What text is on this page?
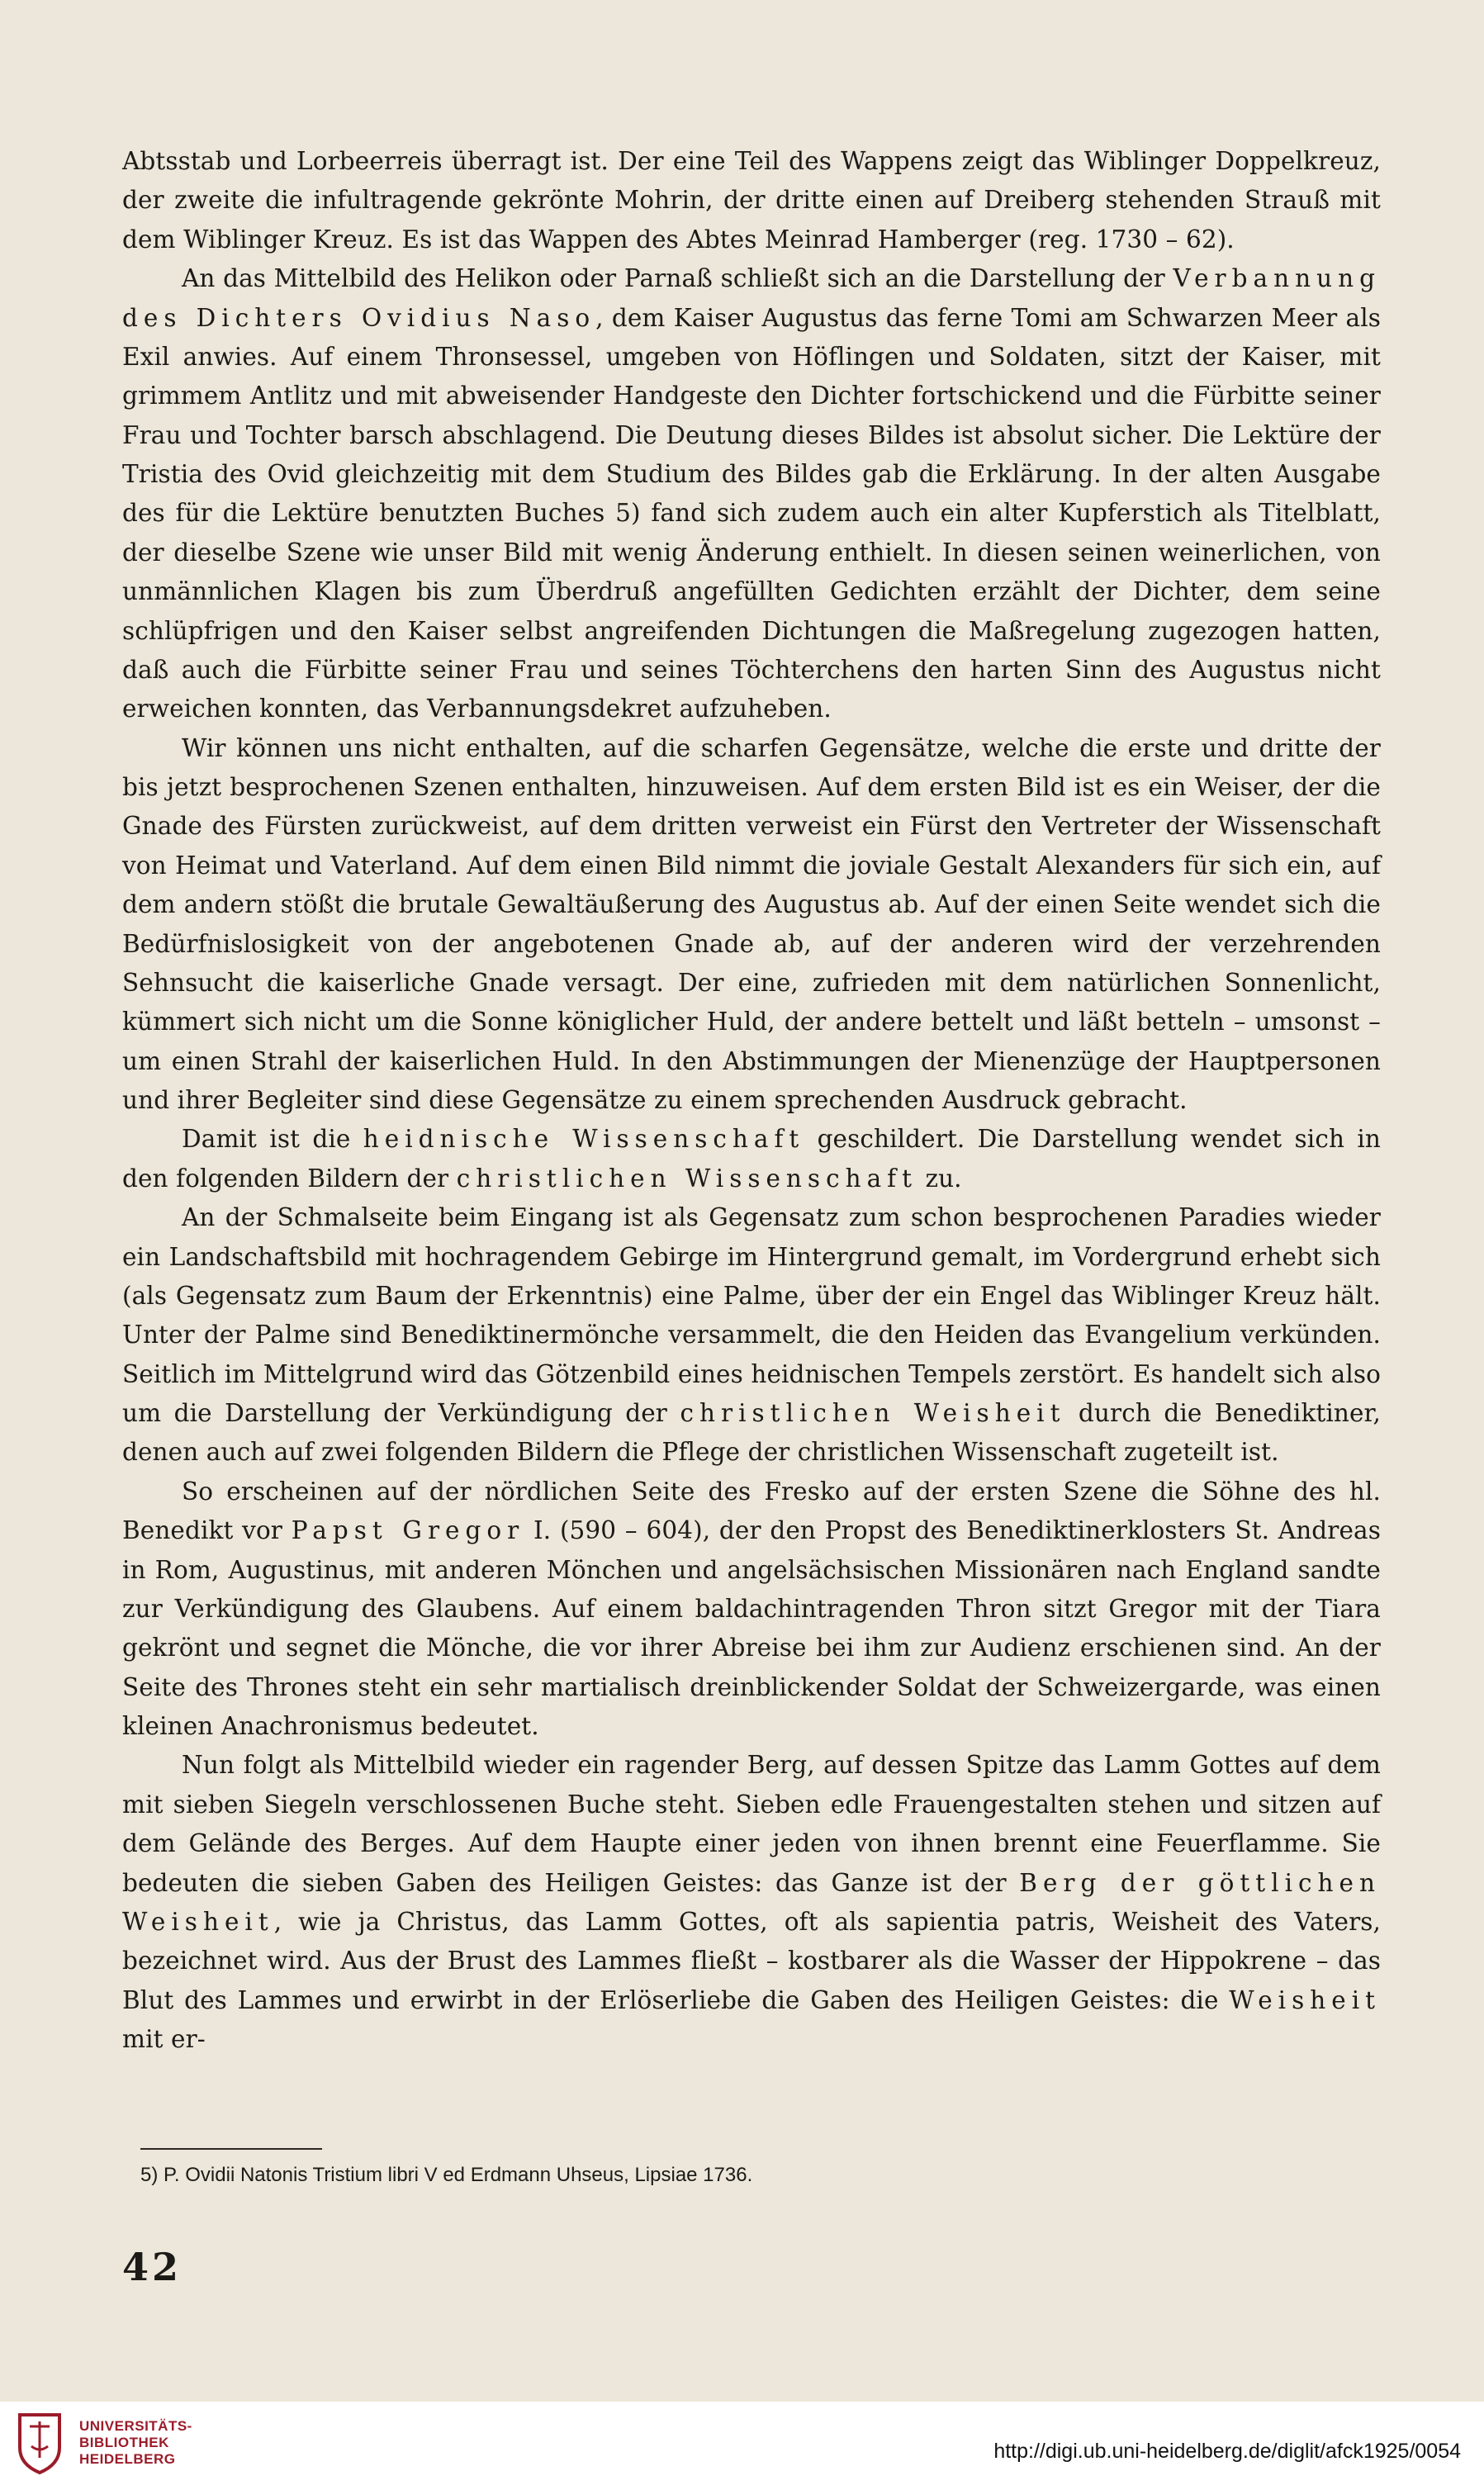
Abtsstab und Lorbeerreis überragt ist. Der eine Teil des Wappens zeigt das Wiblinger Doppelkreuz, der zweite die infultragende gekrönte Mohrin, der dritte einen auf Dreiberg stehenden Strauß mit dem Wiblinger Kreuz. Es ist das Wappen des Abtes Meinrad Hamberger (reg. 1730 – 62).

An das Mittelbild des Helikon oder Parnaß schließt sich an die Darstellung der Verbannung des Dichters Ovidius Naso, dem Kaiser Augustus das ferne Tomi am Schwarzen Meer als Exil anwies. Auf einem Thronsessel, umgeben von Höflingen und Soldaten, sitzt der Kaiser, mit grimmem Antlitz und mit abweisender Handgeste den Dichter fortschickend und die Fürbitte seiner Frau und Tochter barsch abschlagend. Die Deutung dieses Bildes ist absolut sicher. Die Lektüre der Tristia des Ovid gleichzeitig mit dem Studium des Bildes gab die Erklärung. In der alten Ausgabe des für die Lektüre benutzten Buches 5) fand sich zudem auch ein alter Kupferstich als Titelblatt, der dieselbe Szene wie unser Bild mit wenig Änderung enthielt. In diesen seinen weinerlichen, von unmännlichen Klagen bis zum Überdruß angefüllten Gedichten erzählt der Dichter, dem seine schlüpfrigen und den Kaiser selbst angreifenden Dichtungen die Maßregelung zugezogen hatten, daß auch die Fürbitte seiner Frau und seines Töchterchens den harten Sinn des Augustus nicht erweichen konnten, das Verbannungsdekret aufzuheben.

Wir können uns nicht enthalten, auf die scharfen Gegensätze, welche die erste und dritte der bis jetzt besprochenen Szenen enthalten, hinzuweisen. Auf dem ersten Bild ist es ein Weiser, der die Gnade des Fürsten zurückweist, auf dem dritten verweist ein Fürst den Vertreter der Wissenschaft von Heimat und Vaterland. Auf dem einen Bild nimmt die joviale Gestalt Alexanders für sich ein, auf dem andern stößt die brutale Gewaltäußerung des Augustus ab. Auf der einen Seite wendet sich die Bedürfnislosigkeit von der angebotenen Gnade ab, auf der anderen wird der verzehrenden Sehnsucht die kaiserliche Gnade versagt. Der eine, zufrieden mit dem natürlichen Sonnenlicht, kümmert sich nicht um die Sonne königlicher Huld, der andere bettelt und läßt betteln – umsonst – um einen Strahl der kaiserlichen Huld. In den Abstimmungen der Mienenzüge der Hauptpersonen und ihrer Begleiter sind diese Gegensätze zu einem sprechenden Ausdruck gebracht.

Damit ist die heidnische Wissenschaft geschildert. Die Darstellung wendet sich in den folgenden Bildern der christlichen Wissenschaft zu.

An der Schmalseite beim Eingang ist als Gegensatz zum schon besprochenen Paradies wieder ein Landschaftsbild mit hochragendem Gebirge im Hintergrund gemalt, im Vordergrund erhebt sich (als Gegensatz zum Baum der Erkenntnis) eine Palme, über der ein Engel das Wiblinger Kreuz hält. Unter der Palme sind Benediktinermönche versammelt, die den Heiden das Evangelium verkünden. Seitlich im Mittelgrund wird das Götzenbild eines heidnischen Tempels zerstört. Es handelt sich also um die Darstellung der Verkündigung der christlichen Weisheit durch die Benediktiner, denen auch auf zwei folgenden Bildern die Pflege der christlichen Wissenschaft zugeteilt ist.

So erscheinen auf der nördlichen Seite des Fresko auf der ersten Szene die Söhne des hl. Benedikt vor Papst Gregor I. (590 – 604), der den Propst des Benediktinerklosters St. Andreas in Rom, Augustinus, mit anderen Mönchen und angelsächsischen Missionären nach England sandte zur Verkündigung des Glaubens. Auf einem baldachintragenden Thron sitzt Gregor mit der Tiara gekrönt und segnet die Mönche, die vor ihrer Abreise bei ihm zur Audienz erschienen sind. An der Seite des Thrones steht ein sehr martialisch dreinblickender Soldat der Schweizergarde, was einen kleinen Anachronismus bedeutet.

Nun folgt als Mittelbild wieder ein ragender Berg, auf dessen Spitze das Lamm Gottes auf dem mit sieben Siegeln verschlossenen Buche steht. Sieben edle Frauengestalten stehen und sitzen auf dem Gelände des Berges. Auf dem Haupte einer jeden von ihnen brennt eine Feuerflamme. Sie bedeuten die sieben Gaben des Heiligen Geistes: das Ganze ist der Berg der göttlichen Weisheit, wie ja Christus, das Lamm Gottes, oft als sapientia patris, Weisheit des Vaters, bezeichnet wird. Aus der Brust des Lammes fließt – kostbarer als die Wasser der Hippokrene – das Blut des Lammes und erwirbt in der Erlöserliebe die Gaben des Heiligen Geistes: die Weisheit mit er-

5) P. Ovidii Natonis Tristium libri V ed Erdmann Uhseus, Lipsiae 1736.
42
UNIVERSITÄTS-
BIBLIOTHEK
HEIDELBERG	http://digi.ub.uni-heidelberg.de/diglit/afck1925/0054
